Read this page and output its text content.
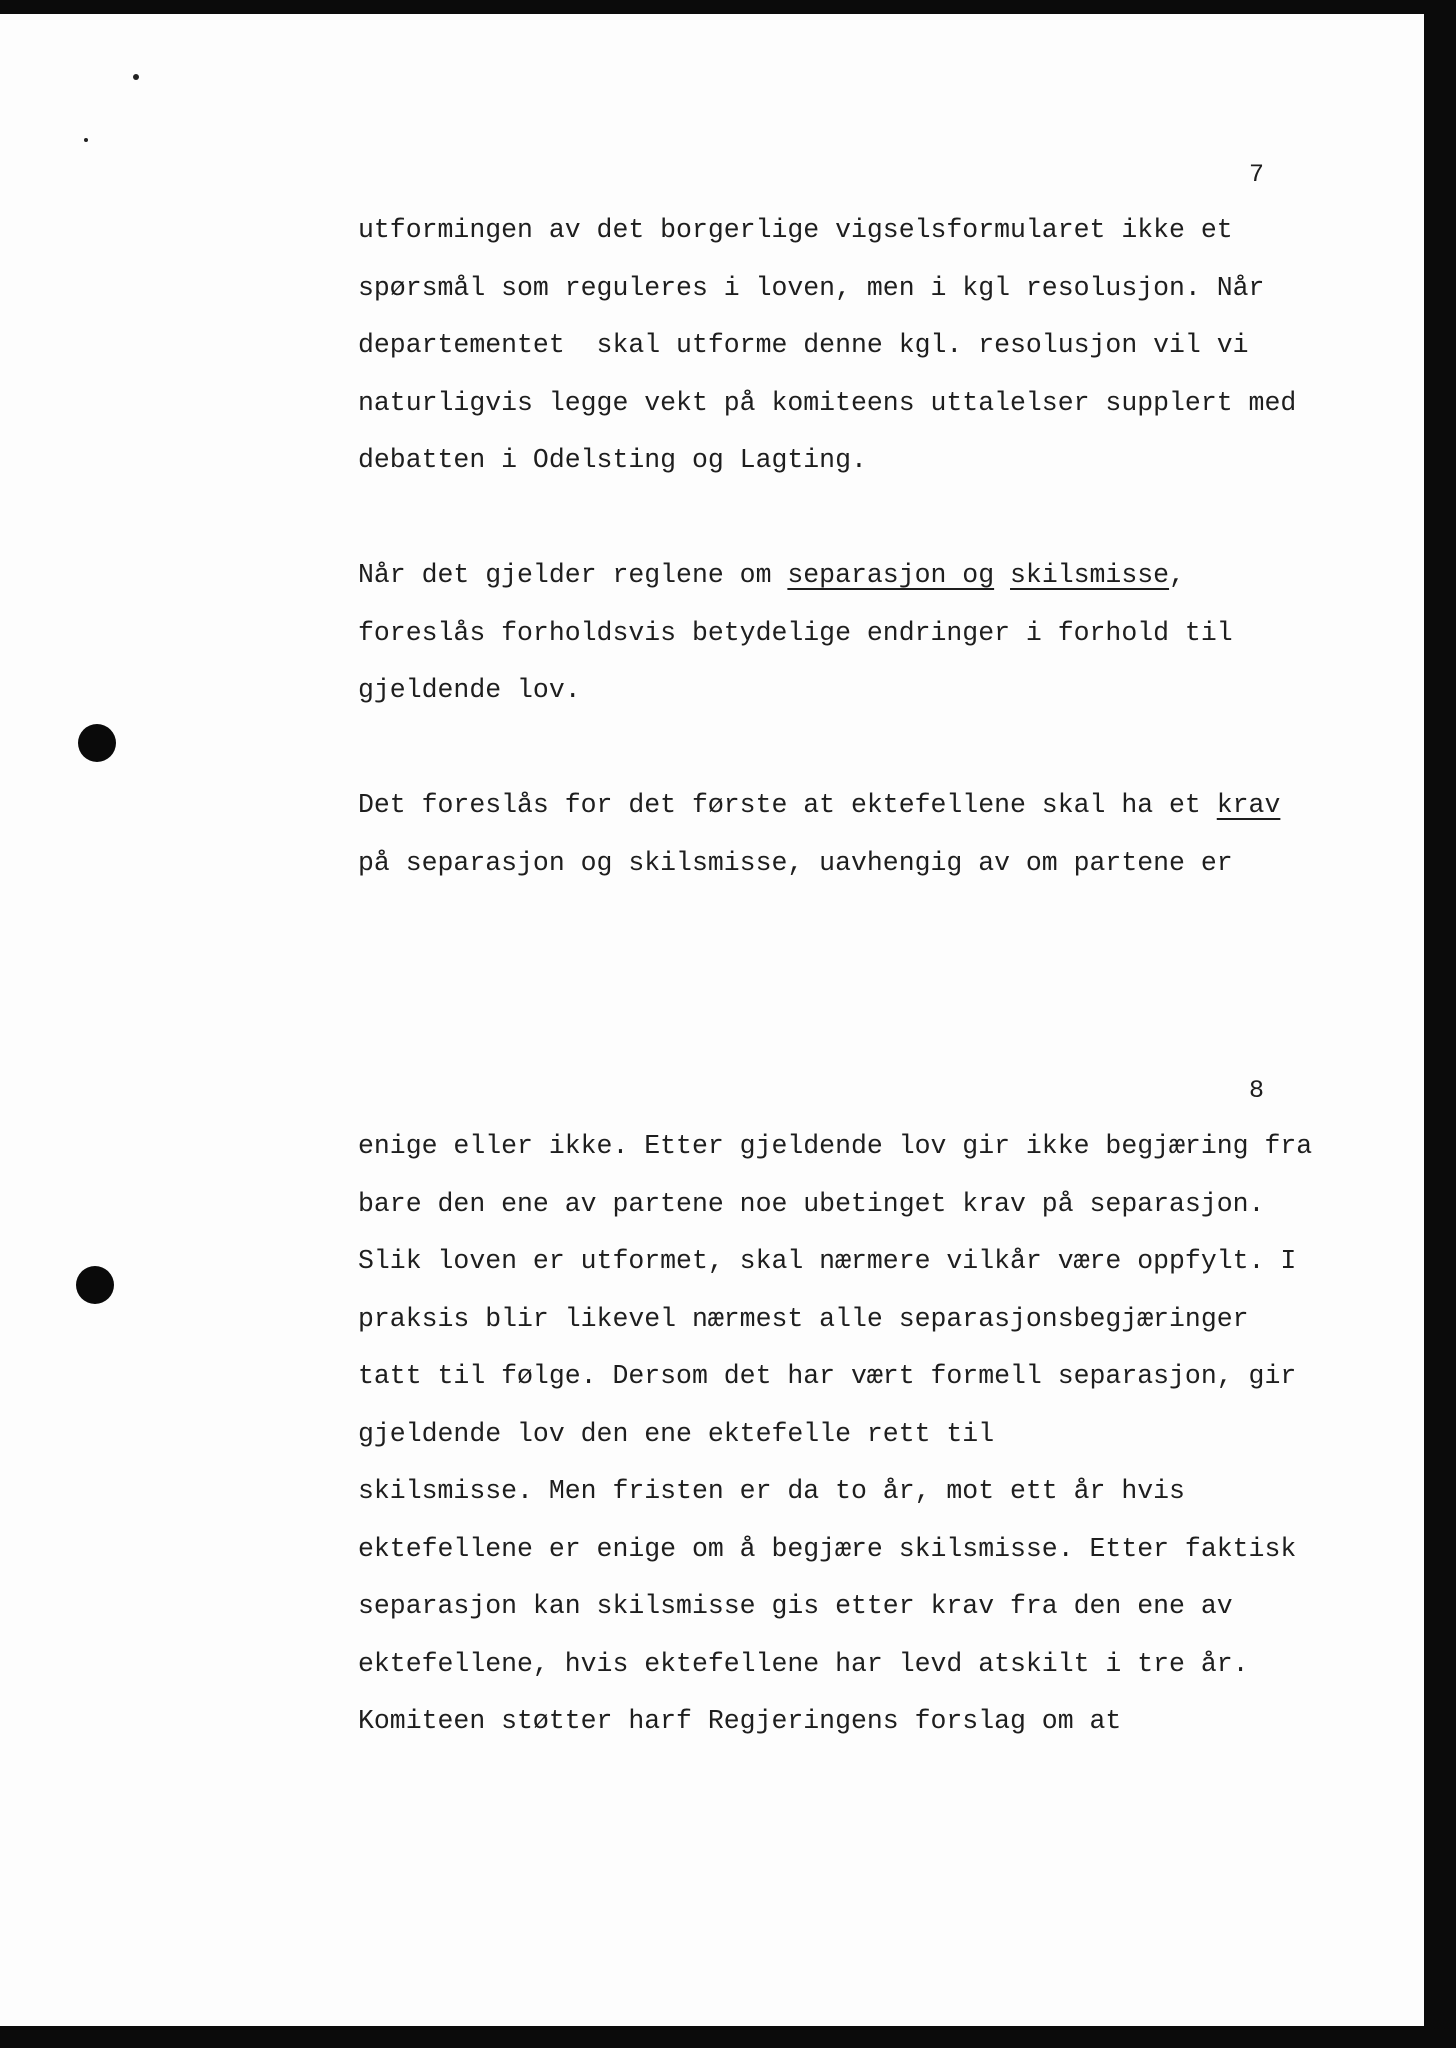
7
utformingen av det borgerlige vigselsformularet ikke et
spørsmål som reguleres i loven, men i kgl resolusjon. Når
departementet  skal utforme denne kgl. resolusjon vil vi
naturligvis legge vekt på komiteens uttalelser supplert med
debatten i Odelsting og Lagting.
Når det gjelder reglene om separasjon og skilsmisse,
foreslås forholdsvis betydelige endringer i forhold til
gjeldende lov.
Det foreslås for det første at ektefellene skal ha et krav
på separasjon og skilsmisse, uavhengig av om partene er
8
enige eller ikke. Etter gjeldende lov gir ikke begjæring fra
bare den ene av partene noe ubetinget krav på separasjon.
Slik loven er utformet, skal nærmere vilkår være oppfylt. I
praksis blir likevel nærmest alle separasjonsbegjæringer
tatt til følge. Dersom det har vært formell separasjon, gir
gjeldende lov den ene ektefelle rett til
skilsmisse. Men fristen er da to år, mot ett år hvis
ektefellene er enige om å begjære skilsmisse. Etter faktisk
separasjon kan skilsmisse gis etter krav fra den ene av
ektefellene, hvis ektefellene har levd atskilt i tre år.
Komiteen støtter harf Regjeringens forslag om at
